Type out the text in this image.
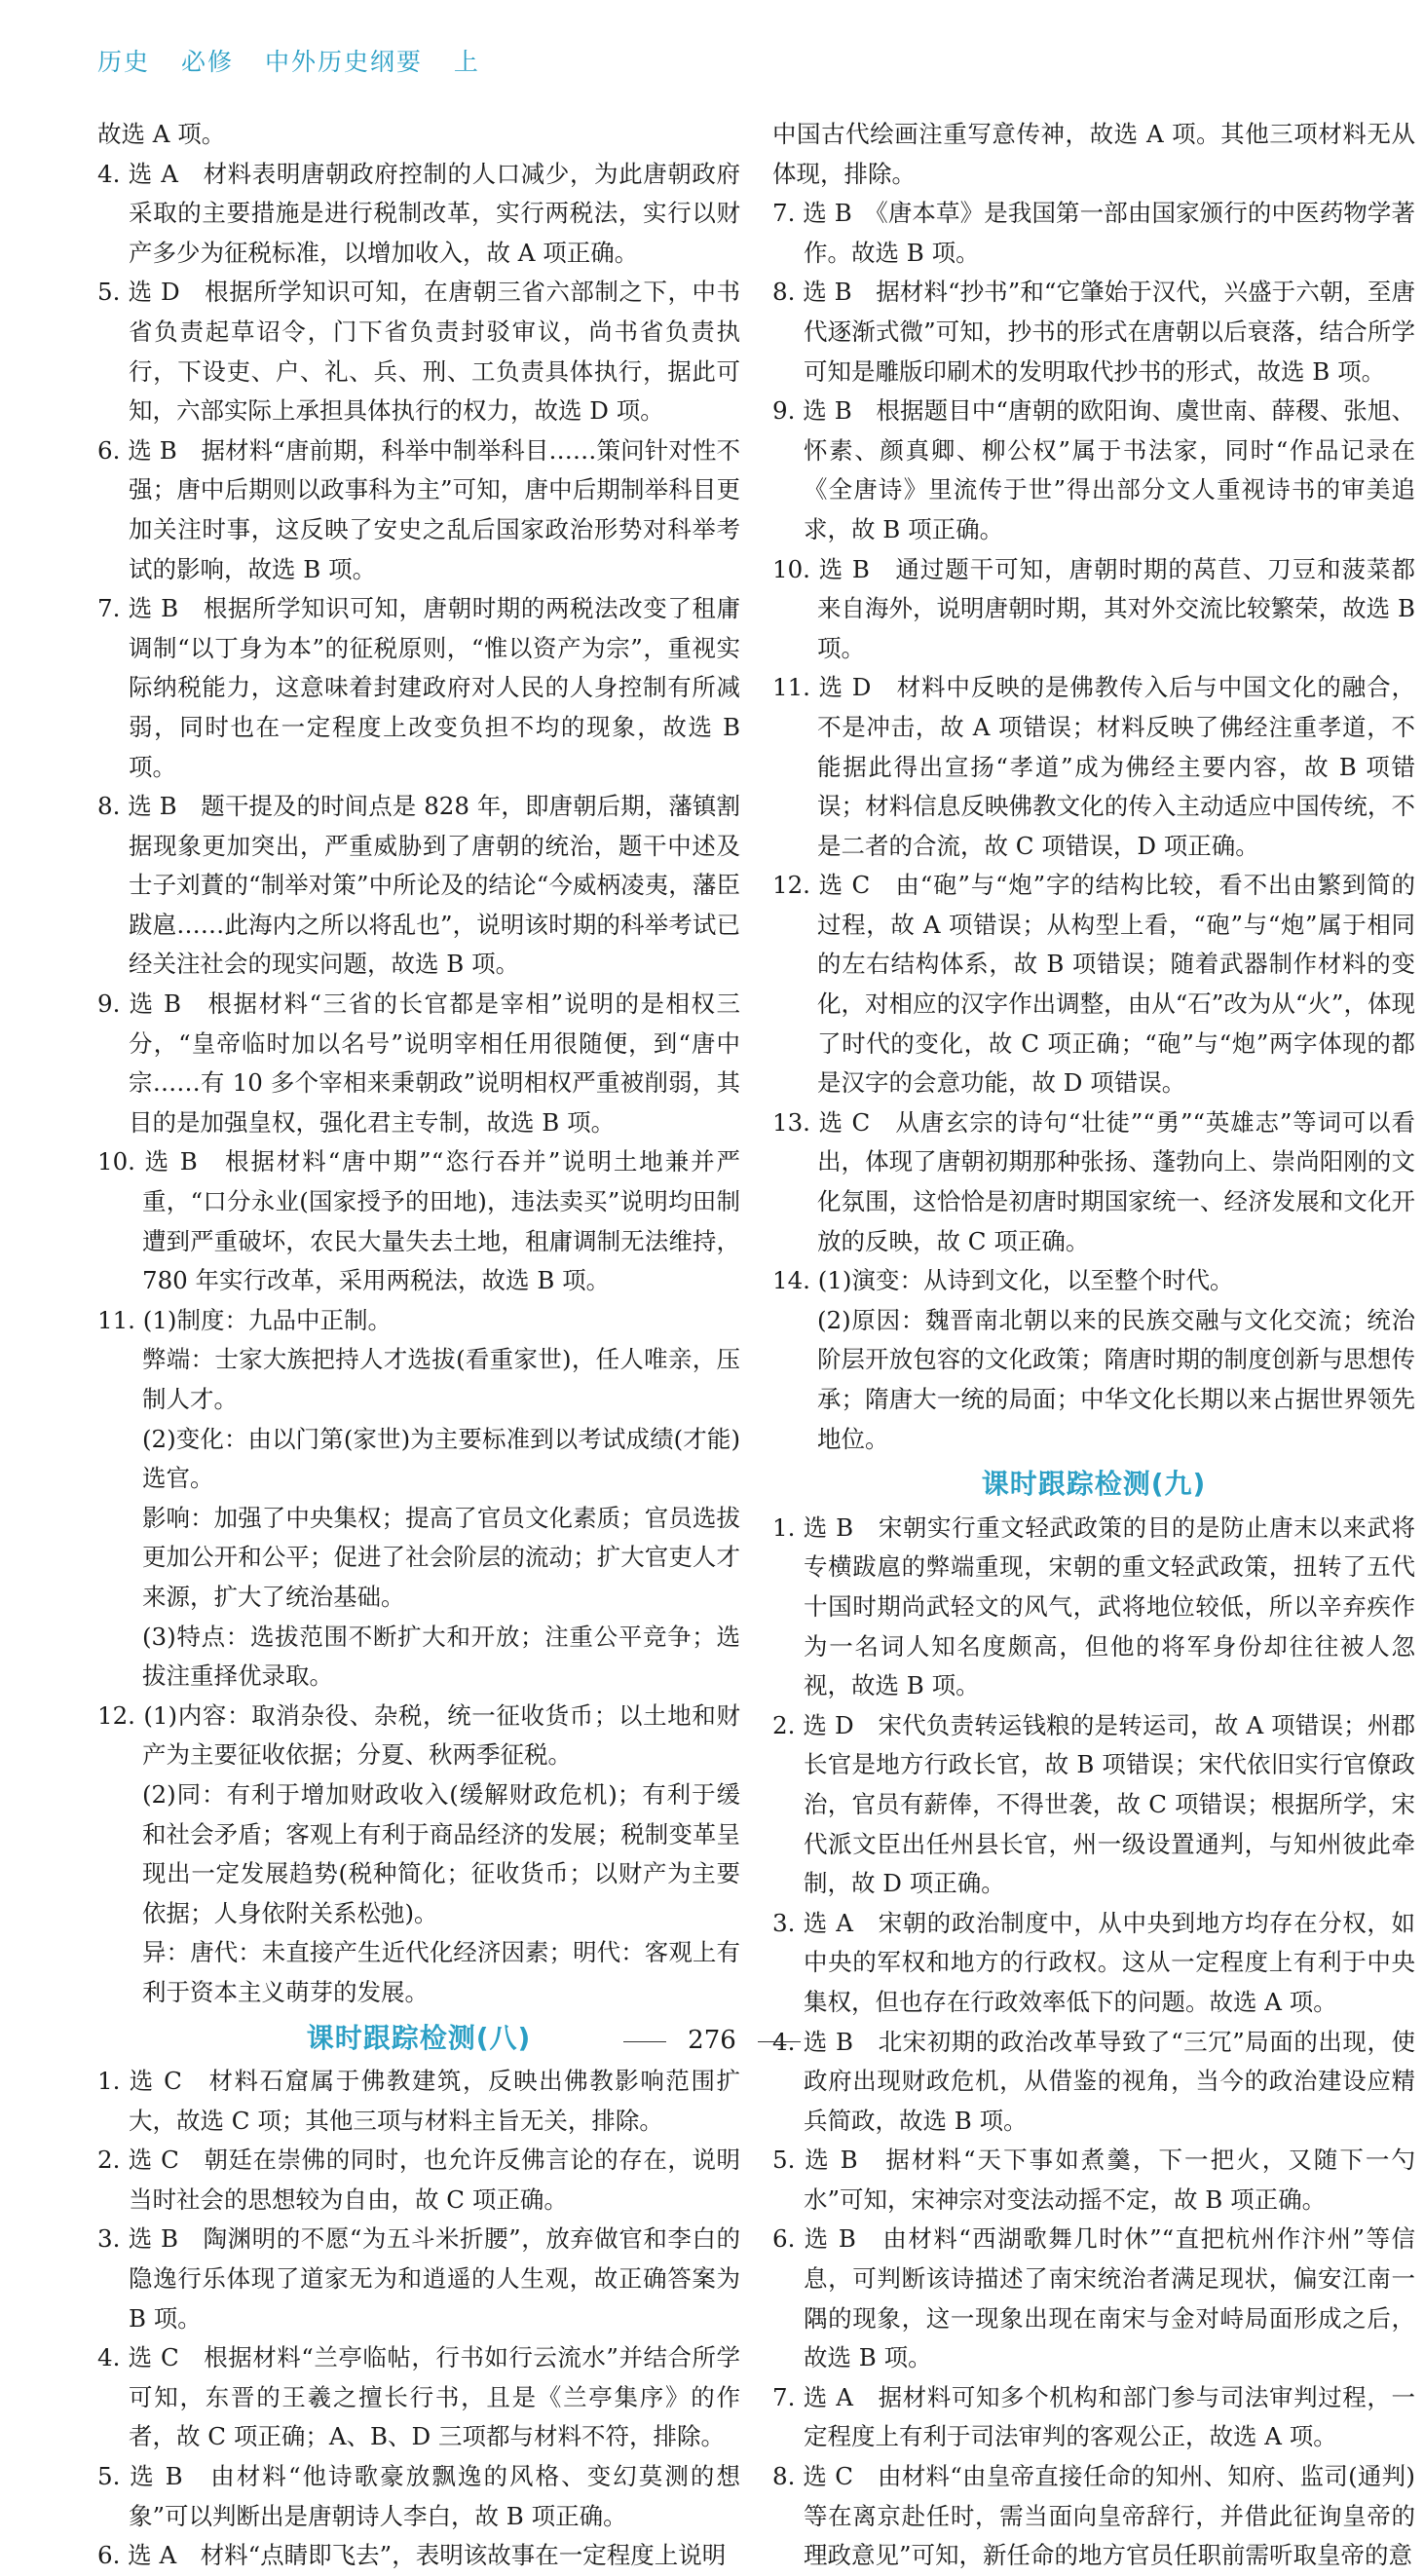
历史 必修 中外历史纲要 上
故选 A 项。
4. 选 A　材料表明唐朝政府控制的人口减少，为此唐朝政府采取的主要措施是进行税制改革，实行两税法，实行以财产多少为征税标准，以增加收入，故 A 项正确。
5. 选 D　根据所学知识可知，在唐朝三省六部制之下，中书省负责起草诏令，门下省负责封驳审议，尚书省负责执行，下设吏、户、礼、兵、刑、工负责具体执行，据此可知，六部实际上承担具体执行的权力，故选 D 项。
6. 选 B　据材料“唐前期，科举中制举科目……策问针对性不强；唐中后期则以政事科为主”可知，唐中后期制举科目更加关注时事，这反映了安史之乱后国家政治形势对科举考试的影响，故选 B 项。
7. 选 B　根据所学知识可知，唐朝时期的两税法改变了租庸调制“以丁身为本”的征税原则，“惟以资产为宗”，重视实际纳税能力，这意味着封建政府对人民的人身控制有所减弱，同时也在一定程度上改变负担不均的现象，故选 B 项。
8. 选 B　题干提及的时间点是 828 年，即唐朝后期，藩镇割据现象更加突出，严重威胁到了唐朝的统治，题干中述及士子刘蕡的“制举对策”中所论及的结论“今威柄凌夷，藩臣跋扈……此海内之所以将乱也”，说明该时期的科举考试已经关注社会的现实问题，故选 B 项。
9. 选 B　根据材料“三省的长官都是宰相”说明的是相权三分，“皇帝临时加以名号”说明宰相任用很随便，到“唐中宗……有 10 多个宰相来秉朝政”说明相权严重被削弱，其目的是加强皇权，强化君主专制，故选 B 项。
10. 选 B　根据材料“唐中期”“恣行吞并”说明土地兼并严重，“口分永业(国家授予的田地)，违法卖买”说明均田制遭到严重破坏，农民大量失去土地，租庸调制无法维持，780 年实行改革，采用两税法，故选 B 项。
11. (1)制度：九品中正制。
弊端：士家大族把持人才选拔(看重家世)，任人唯亲，压制人才。
(2)变化：由以门第(家世)为主要标准到以考试成绩(才能)选官。
影响：加强了中央集权；提高了官员文化素质；官员选拔更加公开和公平；促进了社会阶层的流动；扩大官吏人才来源，扩大了统治基础。
(3)特点：选拔范围不断扩大和开放；注重公平竞争；选拔注重择优录取。
12. (1)内容：取消杂役、杂税，统一征收货币；以土地和财产为主要征收依据；分夏、秋两季征税。
(2)同：有利于增加财政收入(缓解财政危机)；有利于缓和社会矛盾；客观上有利于商品经济的发展；税制变革呈现出一定发展趋势(税种简化；征收货币；以财产为主要依据；人身依附关系松弛)。
异：唐代：未直接产生近代化经济因素；明代：客观上有利于资本主义萌芽的发展。
课时跟踪检测(八)
1. 选 C　材料石窟属于佛教建筑，反映出佛教影响范围扩大，故选 C 项；其他三项与材料主旨无关，排除。
2. 选 C　朝廷在崇佛的同时，也允许反佛言论的存在，说明当时社会的思想较为自由，故 C 项正确。
3. 选 B　陶渊明的不愿“为五斗米折腰”，放弃做官和李白的隐逸行乐体现了道家无为和逍遥的人生观，故正确答案为 B 项。
4. 选 C　根据材料“兰亭临帖，行书如行云流水”并结合所学可知，东晋的王羲之擅长行书，且是《兰亭集序》的作者，故 C 项正确；A、B、D 三项都与材料不符，排除。
5. 选 B　由材料“他诗歌豪放飘逸的风格、变幻莫测的想象”可以判断出是唐朝诗人李白，故 B 项正确。
6. 选 A　材料“点睛即飞去”，表明该故事在一定程度上说明
中国古代绘画注重写意传神，故选 A 项。其他三项材料无从体现，排除。
7. 选 B　《唐本草》是我国第一部由国家颁行的中医药物学著作。故选 B 项。
8. 选 B　据材料“抄书”和“它肇始于汉代，兴盛于六朝，至唐代逐渐式微”可知，抄书的形式在唐朝以后衰落，结合所学可知是雕版印刷术的发明取代抄书的形式，故选 B 项。
9. 选 B　根据题目中“唐朝的欧阳询、虞世南、薛稷、张旭、怀素、颜真卿、柳公权”属于书法家，同时“作品记录在《全唐诗》里流传于世”得出部分文人重视诗书的审美追求，故 B 项正确。
10. 选 B　通过题干可知，唐朝时期的莴苣、刀豆和菠菜都来自海外，说明唐朝时期，其对外交流比较繁荣，故选 B 项。
11. 选 D　材料中反映的是佛教传入后与中国文化的融合，不是冲击，故 A 项错误；材料反映了佛经注重孝道，不能据此得出宣扬“孝道”成为佛经主要内容，故 B 项错误；材料信息反映佛教文化的传入主动适应中国传统，不是二者的合流，故 C 项错误，D 项正确。
12. 选 C　由“砲”与“炮”字的结构比较，看不出由繁到简的过程，故 A 项错误；从构型上看，“砲”与“炮”属于相同的左右结构体系，故 B 项错误；随着武器制作材料的变化，对相应的汉字作出调整，由从“石”改为从“火”，体现了时代的变化，故 C 项正确；“砲”与“炮”两字体现的都是汉字的会意功能，故 D 项错误。
13. 选 C　从唐玄宗的诗句“壮徒”“勇”“英雄志”等词可以看出，体现了唐朝初期那种张扬、蓬勃向上、崇尚阳刚的文化氛围，这恰恰是初唐时期国家统一、经济发展和文化开放的反映，故 C 项正确。
14. (1)演变：从诗到文化，以至整个时代。
(2)原因：魏晋南北朝以来的民族交融与文化交流；统治阶层开放包容的文化政策；隋唐时期的制度创新与思想传承；隋唐大一统的局面；中华文化长期以来占据世界领先地位。
课时跟踪检测(九)
1. 选 B　宋朝实行重文轻武政策的目的是防止唐末以来武将专横跋扈的弊端重现，宋朝的重文轻武政策，扭转了五代十国时期尚武轻文的风气，武将地位较低，所以辛弃疾作为一名词人知名度颇高，但他的将军身份却往往被人忽视，故选 B 项。
2. 选 D　宋代负责转运钱粮的是转运司，故 A 项错误；州郡长官是地方行政长官，故 B 项错误；宋代依旧实行官僚政治，官员有薪俸，不得世袭，故 C 项错误；根据所学，宋代派文臣出任州县长官，州一级设置通判，与知州彼此牵制，故 D 项正确。
3. 选 A　宋朝的政治制度中，从中央到地方均存在分权，如中央的军权和地方的行政权。这从一定程度上有利于中央集权，但也存在行政效率低下的问题。故选 A 项。
4. 选 B　北宋初期的政治改革导致了“三冗”局面的出现，使政府出现财政危机，从借鉴的视角，当今的政治建设应精兵简政，故选 B 项。
5. 选 B　据材料“天下事如煮羹，下一把火，又随下一勺水”可知，宋神宗对变法动摇不定，故 B 项正确。
6. 选 B　由材料“西湖歌舞几时休”“直把杭州作汴州”等信息，可判断该诗描述了南宋统治者满足现状，偏安江南一隅的现象，这一现象出现在南宋与金对峙局面形成之后，故选 B 项。
7. 选 A　据材料可知多个机构和部门参与司法审判过程，一定程度上有利于司法审判的客观公正，故选 A 项。
8. 选 C　由材料“由皇帝直接任命的知州、知府、监司(通判)等在离京赴任时，需当面向皇帝辞行，并借此征询皇帝的理政意见”可知，新任命的地方官员任职前需听取皇帝的意
276
